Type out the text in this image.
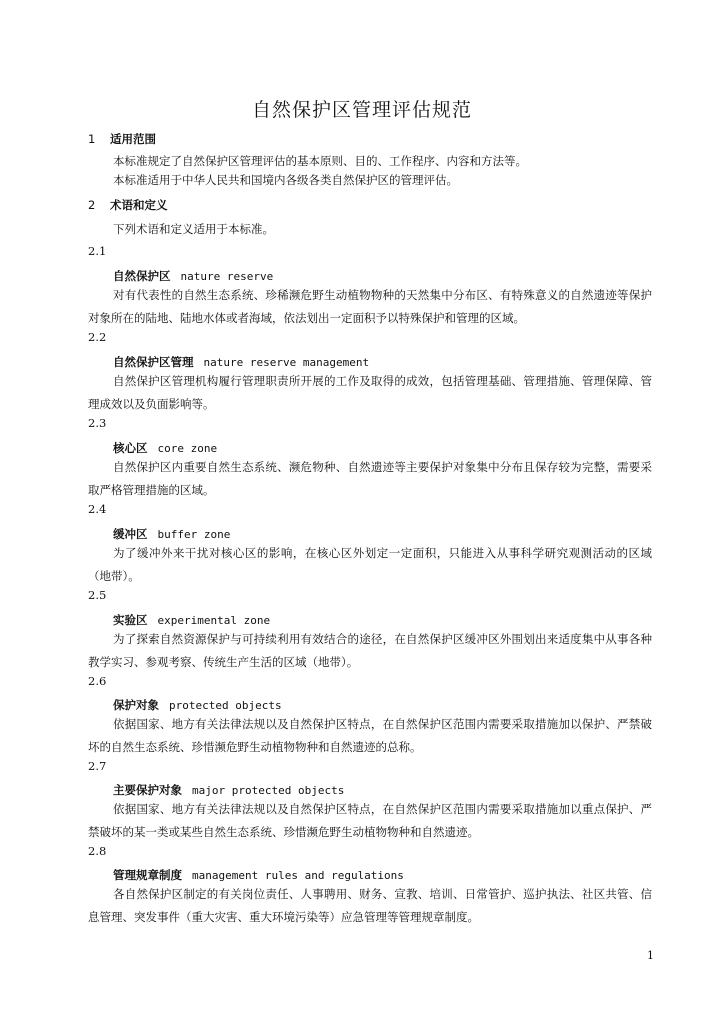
自然保护区管理评估规范
1 适用范围
本标准规定了自然保护区管理评估的基本原则、目的、工作程序、内容和方法等。
本标准适用于中华人民共和国境内各级各类自然保护区的管理评估。
2 术语和定义
下列术语和定义适用于本标准。
2.1
自然保护区 nature reserve
对有代表性的自然生态系统、珍稀濒危野生动植物物种的天然集中分布区、有特殊意义的自然遗迹等保护对象所在的陆地、陆地水体或者海域，依法划出一定面积予以特殊保护和管理的区域。
2.2
自然保护区管理 nature reserve management
自然保护区管理机构履行管理职责所开展的工作及取得的成效，包括管理基础、管理措施、管理保障、管理成效以及负面影响等。
2.3
核心区 core zone
自然保护区内重要自然生态系统、濒危物种、自然遗迹等主要保护对象集中分布且保存较为完整，需要采取严格管理措施的区域。
2.4
缓冲区 buffer zone
为了缓冲外来干扰对核心区的影响，在核心区外划定一定面积，只能进入从事科学研究观测活动的区域（地带）。
2.5
实验区 experimental zone
为了探索自然资源保护与可持续利用有效结合的途径，在自然保护区缓冲区外围划出来适度集中从事各种教学实习、参观考察、传统生产生活的区域（地带）。
2.6
保护对象 protected objects
依据国家、地方有关法律法规以及自然保护区特点，在自然保护区范围内需要采取措施加以保护、严禁破坏的自然生态系统、珍惜濒危野生动植物物种和自然遗迹的总称。
2.7
主要保护对象 major protected objects
依据国家、地方有关法律法规以及自然保护区特点，在自然保护区范围内需要采取措施加以重点保护、严禁破坏的某一类或某些自然生态系统、珍惜濒危野生动植物物种和自然遗迹。
2.8
管理规章制度 management rules and regulations
各自然保护区制定的有关岗位责任、人事聘用、财务、宣教、培训、日常管护、巡护执法、社区共管、信息管理、突发事件（重大灾害、重大环境污染等）应急管理等管理规章制度。
1
